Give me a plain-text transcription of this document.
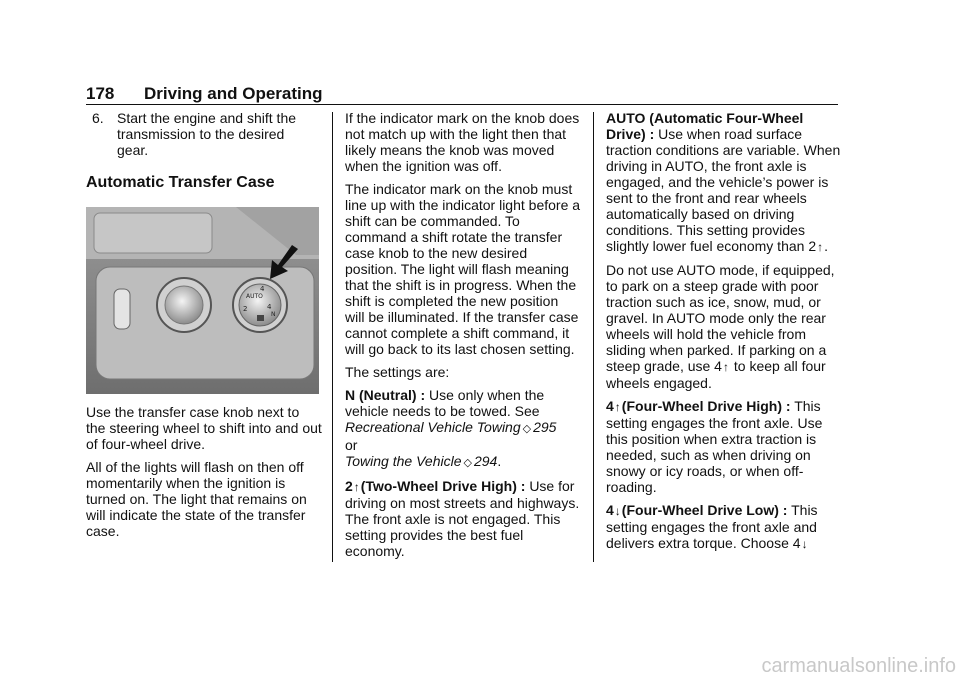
178 Driving and Operating
6. Start the engine and shift the transmission to the desired gear.
Automatic Transfer Case
AUTO
4
2	4
N

Use the transfer case knob next to the steering wheel to shift into and out of four-wheel drive.

All of the lights will flash on then off momentarily when the ignition is turned on. The light that remains on will indicate the state of the transfer case.

If the indicator mark on the knob does not match up with the light then that likely means the knob was moved when the ignition was off.

The indicator mark on the knob must line up with the indicator light before a shift can be commanded. To command a shift rotate the transfer case knob to the new desired position. The light will flash meaning that the shift is in progress. When the shift is completed the new position will be illuminated. If the transfer case cannot complete a shift command, it will go back to its last chosen setting.

The settings are:

N (Neutral) : Use only when the vehicle needs to be towed. See
Recreational Vehicle Towing ◇ 295
or
Towing the Vehicle ◇ 294.

2↑(Two-Wheel Drive High) : Use for driving on most streets and highways. The front axle is not engaged. This setting provides the best fuel economy.

AUTO (Automatic Four-Wheel Drive) : Use when road surface traction conditions are variable. When driving in AUTO, the front axle is engaged, and the vehicle’s power is sent to the front and rear wheels automatically based on driving conditions. This setting provides slightly lower fuel economy than 2↑.

Do not use AUTO mode, if equipped, to park on a steep grade with poor traction such as ice, snow, mud, or gravel. In AUTO mode only the rear wheels will hold the vehicle from sliding when parked. If parking on a steep grade, use 4↑ to keep all four wheels engaged.

4↑(Four-Wheel Drive High) : This setting engages the front axle. Use this position when extra traction is needed, such as when driving on snowy or icy roads, or when off-roading.

4↓(Four-Wheel Drive Low) : This setting engages the front axle and delivers extra torque. Choose 4↓

carmanualsonline.info
